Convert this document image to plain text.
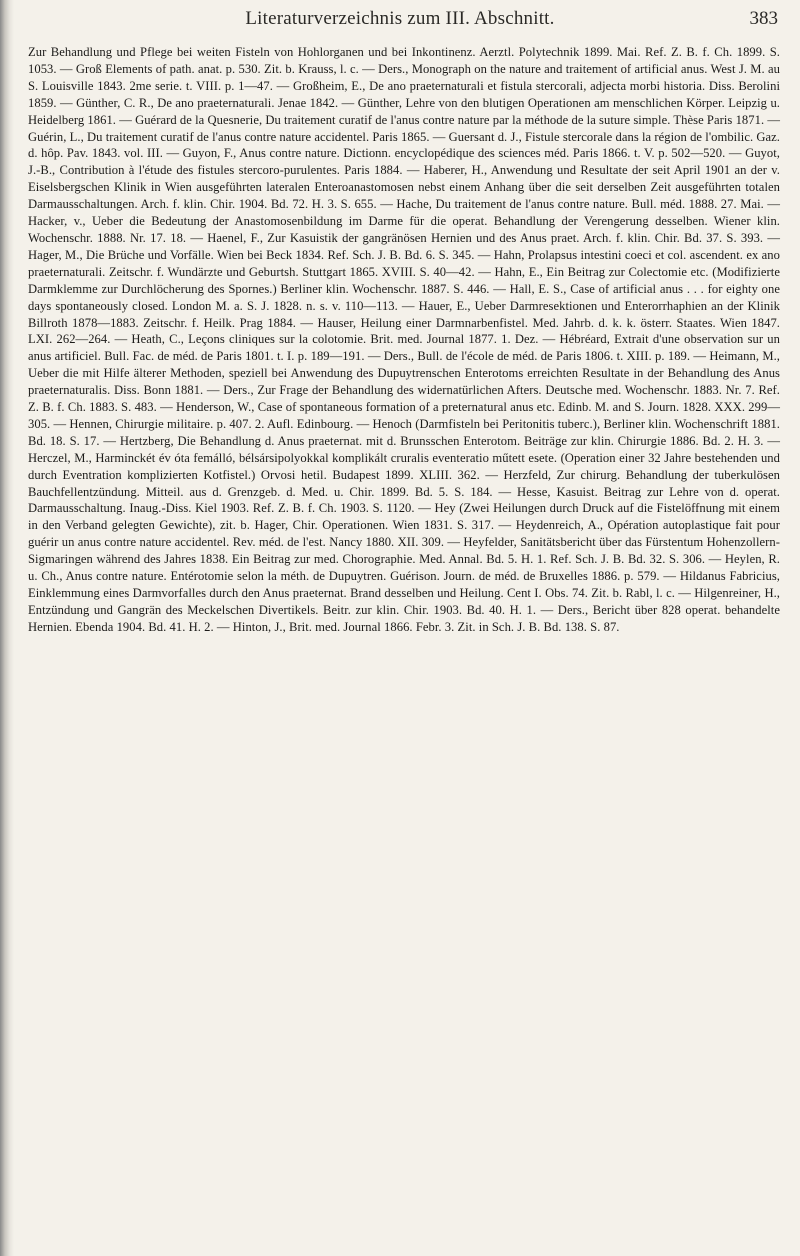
Literaturverzeichnis zum III. Abschnitt.	383

Zur Behandlung und Pflege bei weiten Fisteln von Hohlorganen und bei Inkontinenz. Aerztl. Polytechnik 1899. Mai. Ref. Z. B. f. Ch. 1899. S. 1053. — Groß Elements of path. anat. p. 530. Zit. b. Krauss, l. c. — Ders., Monograph on the nature and traitement of artificial anus. West J. M. au S. Louisville 1843. 2me serie. t. VIII. p. 1—47. — Großheim, E., De ano praeternaturali et fistula stercorali, adjecta morbi historia. Diss. Berolini 1859. — Günther, C. R., De ano praeternaturali. Jenae 1842. — Günther, Lehre von den blutigen Operationen am menschlichen Körper. Leipzig u. Heidelberg 1861. — Guérard de la Quesnerie, Du traitement curatif de l'anus contre nature par la méthode de la suture simple. Thèse Paris 1871. — Guérin, L., Du traitement curatif de l'anus contre nature accidentel. Paris 1865. — Guersant d. J., Fistule stercorale dans la région de l'ombilic. Gaz. d. hôp. Pav. 1843. vol. III. — Guyon, F., Anus contre nature. Dictionn. encyclopédique des sciences méd. Paris 1866. t. V. p. 502—520. — Guyot, J.-B., Contribution à l'étude des fistules stercoro-purulentes. Paris 1884. — Haberer, H., Anwendung und Resultate der seit April 1901 an der v. Eiselsbergschen Klinik in Wien ausgeführten lateralen Enteroanastomosen nebst einem Anhang über die seit derselben Zeit ausgeführten totalen Darmausschaltungen. Arch. f. klin. Chir. 1904. Bd. 72. H. 3. S. 655. — Hache, Du traitement de l'anus contre nature. Bull. méd. 1888. 27. Mai. — Hacker, v., Ueber die Bedeutung der Anastomosenbildung im Darme für die operat. Behandlung der Verengerung desselben. Wiener klin. Wochenschr. 1888. Nr. 17. 18. — Haenel, F., Zur Kasuistik der gangränösen Hernien und des Anus praet. Arch. f. klin. Chir. Bd. 37. S. 393. — Hager, M., Die Brüche und Vorfälle. Wien bei Beck 1834. Ref. Sch. J. B. Bd. 6. S. 345. — Hahn, Prolapsus intestini coeci et col. ascendent. ex ano praeternaturali. Zeitschr. f. Wundärzte und Geburtsh. Stuttgart 1865. XVIII. S. 40—42. — Hahn, E., Ein Beitrag zur Colectomie etc. (Modifizierte Darmklemme zur Durchlöcherung des Spornes.) Berliner klin. Wochenschr. 1887. S. 446. — Hall, E. S., Case of artificial anus . . . for eighty one days spontaneously closed. London M. a. S. J. 1828. n. s. v. 110—113. — Hauer, E., Ueber Darmresektionen und Enterorrhaphien an der Klinik Billroth 1878—1883. Zeitschr. f. Heilk. Prag 1884. — Hauser, Heilung einer Darmnarbenfistel. Med. Jahrb. d. k. k. österr. Staates. Wien 1847. LXI. 262—264. — Heath, C., Leçons cliniques sur la colotomie. Brit. med. Journal 1877. 1. Dez. — Hébréard, Extrait d'une observation sur un anus artificiel. Bull. Fac. de méd. de Paris 1801. t. I. p. 189—191. — Ders., Bull. de l'école de méd. de Paris 1806. t. XIII. p. 189. — Heimann, M., Ueber die mit Hilfe älterer Methoden, speziell bei Anwendung des Dupuytrenschen Enterotoms erreichten Resultate in der Behandlung des Anus praeternaturalis. Diss. Bonn 1881. — Ders., Zur Frage der Behandlung des widernatürlichen Afters. Deutsche med. Wochenschr. 1883. Nr. 7. Ref. Z. B. f. Ch. 1883. S. 483. — Henderson, W., Case of spontaneous formation of a preternatural anus etc. Edinb. M. and S. Journ. 1828. XXX. 299—305. — Hennen, Chirurgie militaire. p. 407. 2. Aufl. Edinbourg. — Henoch (Darmfisteln bei Peritonitis tuberc.), Berliner klin. Wochenschrift 1881. Bd. 18. S. 17. — Hertzberg, Die Behandlung d. Anus praeternat. mit d. Brunsschen Enterotom. Beiträge zur klin. Chirurgie 1886. Bd. 2. H. 3. — Herczel, M., Harminckét év óta femálló, bélsársipolyokkal komplikált cruralis eventeratio műtett esete. (Operation einer 32 Jahre bestehenden und durch Eventration komplizierten Kotfistel.) Orvosi hetil. Budapest 1899. XLIII. 362. — Herzfeld, Zur chirurg. Behandlung der tuberkulösen Bauchfellentzündung. Mitteil. aus d. Grenzgeb. d. Med. u. Chir. 1899. Bd. 5. S. 184. — Hesse, Kasuist. Beitrag zur Lehre von d. operat. Darmausschaltung. Inaug.-Diss. Kiel 1903. Ref. Z. B. f. Ch. 1903. S. 1120. — Hey (Zwei Heilungen durch Druck auf die Fistelöffnung mit einem in den Verband gelegten Gewichte), zit. b. Hager, Chir. Operationen. Wien 1831. S. 317. — Heydenreich, A., Opération autoplastique fait pour guérir un anus contre nature accidentel. Rev. méd. de l'est. Nancy 1880. XII. 309. — Heyfelder, Sanitätsbericht über das Fürstentum Hohenzollern-Sigmaringen während des Jahres 1838. Ein Beitrag zur med. Chorographie. Med. Annal. Bd. 5. H. 1. Ref. Sch. J. B. Bd. 32. S. 306. — Heylen, R. u. Ch., Anus contre nature. Entérotomie selon la méth. de Dupuytren. Guérison. Journ. de méd. de Bruxelles 1886. p. 579. — Hildanus Fabricius, Einklemmung eines Darmvorfalles durch den Anus praeternat. Brand desselben und Heilung. Cent I. Obs. 74. Zit. b. Rabl, l. c. — Hilgenreiner, H., Entzündung und Gangrän des Meckelschen Divertikels. Beitr. zur klin. Chir. 1903. Bd. 40. H. 1. — Ders., Bericht über 828 operat. behandelte Hernien. Ebenda 1904. Bd. 41. H. 2. — Hinton, J., Brit. med. Journal 1866. Febr. 3. Zit. in Sch. J. B. Bd. 138. S. 87.
